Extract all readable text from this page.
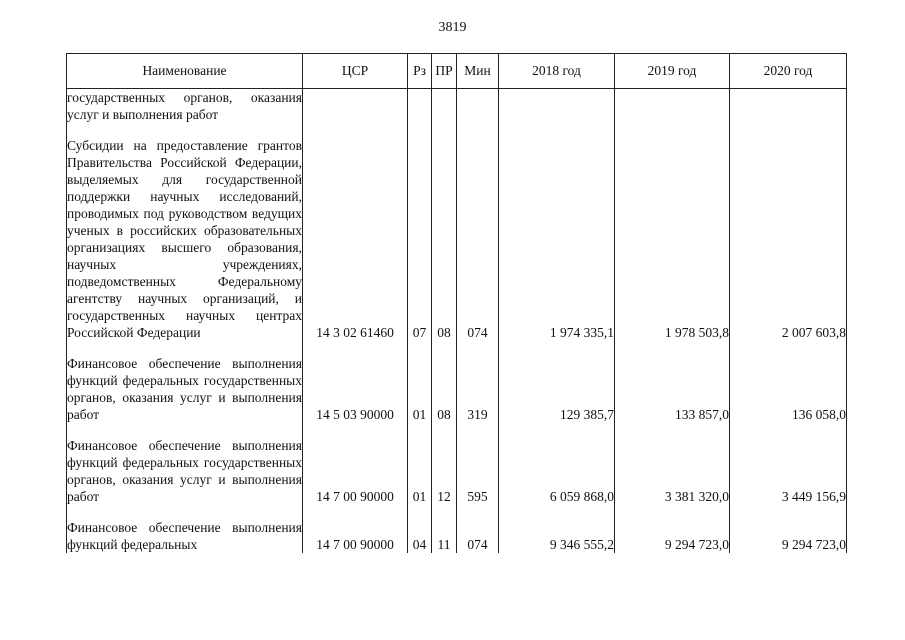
3819
Наименование	ЦСР	Рз	ПР	Мин	2018 год	2019 год	2020 год
государственных органов, оказания услуг и выполнения работ							

Субсидии на предоставление грантов Правительства Российской Федерации, выделяемых для государственной поддержки научных исследований, проводимых под руководством ведущих ученых в российских образовательных организациях высшего образования, научных учреждениях, подведомственных Федеральному агентству научных организаций, и государственных научных центрах Российской Федерации	14 3 02 61460	07	08	074	1 974 335,1	1 978 503,8	2 007 603,8

Финансовое обеспечение выполнения функций федеральных государственных органов, оказания услуг и выполнения работ	14 5 03 90000	01	08	319	129 385,7	133 857,0	136 058,0

Финансовое обеспечение выполнения функций федеральных государственных органов, оказания услуг и выполнения работ	14 7 00 90000	01	12	595	6 059 868,0	3 381 320,0	3 449 156,9

Финансовое обеспечение выполнения функций федеральных	14 7 00 90000	04	11	074	9 346 555,2	9 294 723,0	9 294 723,0
